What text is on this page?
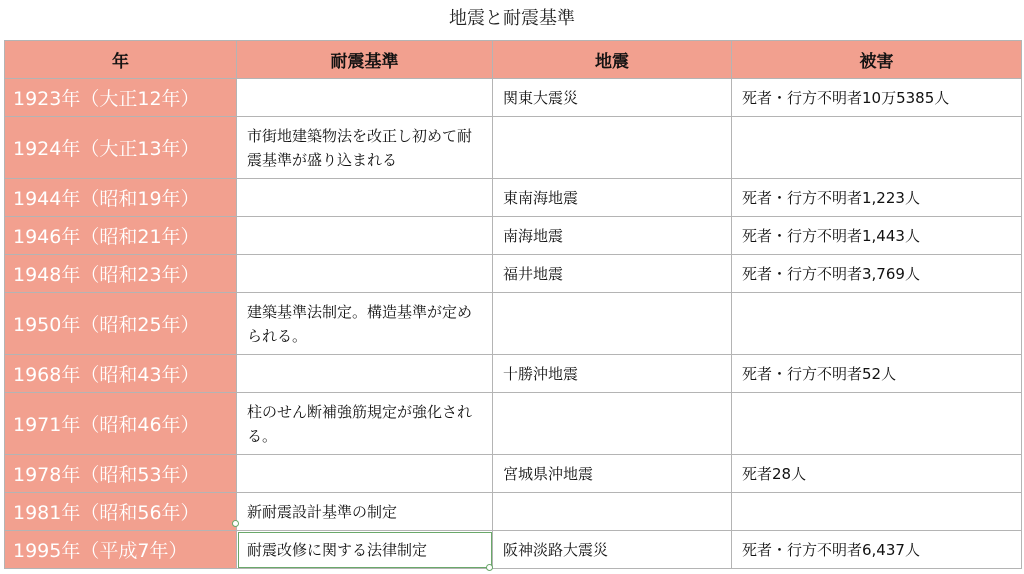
地震と耐震基準
年	耐震基準	地震	被害
1923年（大正12年）		関東大震災	死者・行方不明者10万5385人
1924年（大正13年）	市街地建築物法を改正し初めて耐震基準が盛り込まれる		
1944年（昭和19年）		東南海地震	死者・行方不明者1,223人
1946年（昭和21年）		南海地震	死者・行方不明者1,443人
1948年（昭和23年）		福井地震	死者・行方不明者3,769人
1950年（昭和25年）	建築基準法制定。構造基準が定められる。		
1968年（昭和43年）		十勝沖地震	死者・行方不明者52人
1971年（昭和46年）	柱のせん断補強筋規定が強化される。		
1978年（昭和53年）		宮城県沖地震	死者28人
1981年（昭和56年）	新耐震設計基準の制定		
1995年（平成7年）	耐震改修に関する法律制定	阪神淡路大震災	死者・行方不明者6,437人
